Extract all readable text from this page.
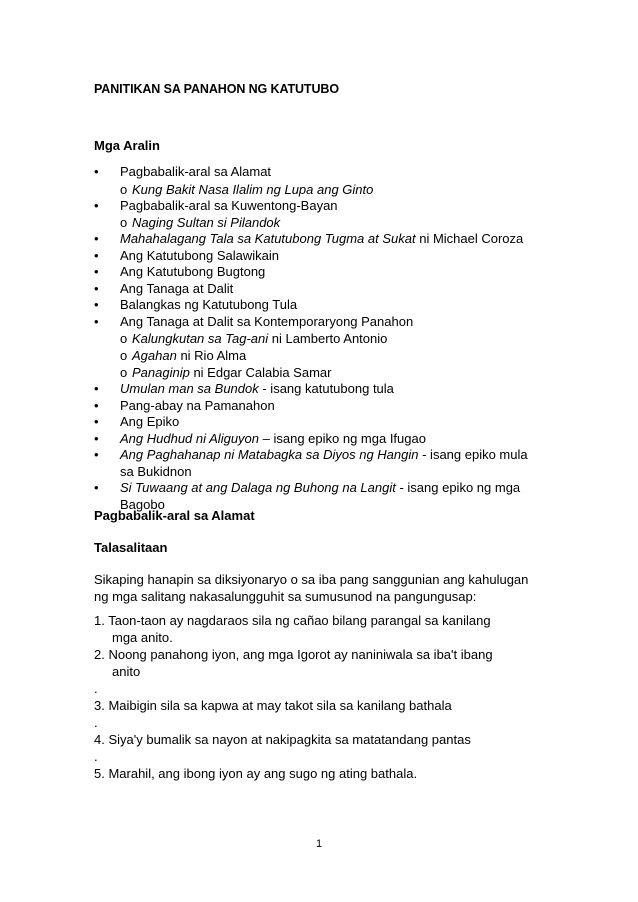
PANITIKAN SA PANAHON NG KATUTUBO
Mga Aralin
• Pagbabalik-aral sa Alamat
o Kung Bakit Nasa Ilalim ng Lupa ang Ginto
• Pagbabalik-aral sa Kuwentong-Bayan
o Naging Sultan si Pilandok
• Mahahalagang Tala sa Katutubong Tugma at Sukat ni Michael Coroza
• Ang Katutubong Salawikain
• Ang Katutubong Bugtong
• Ang Tanaga at Dalit
• Balangkas ng Katutubong Tula
• Ang Tanaga at Dalit sa Kontemporaryong Panahon
o Kalungkutan sa Tag-ani ni Lamberto Antonio
o Agahan ni Rio Alma
o Panaginip ni Edgar Calabia Samar
• Umulan man sa Bundok - isang katutubong tula
• Pang-abay na Pamanahon
• Ang Epiko
• Ang Hudhud ni Aliguyon – isang epiko ng mga Ifugao
• Ang Paghahanap ni Matabagka sa Diyos ng Hangin - isang epiko mula
sa Bukidnon
• Si Tuwaang at ang Dalaga ng Buhong na Langit - isang epiko ng mga
Bagobo
Pagbabalik-aral sa Alamat
Talasalitaan
Sikaping hanapin sa diksiyonaryo o sa iba pang sanggunian ang kahulugan
ng mga salitang nakasalungguhit sa sumusunod na pangungusap:
1. Taon-taon ay nagdaraos sila ng cañao bilang parangal sa kanilang
mga anito.
2. Noong panahong iyon, ang mga Igorot ay naniniwala sa iba't ibang
anito
.
3. Maibigin sila sa kapwa at may takot sila sa kanilang bathala
.
4. Siya'y bumalik sa nayon at nakipagkita sa matatandang pantas
.
5. Marahil, ang ibong iyon ay ang sugo ng ating bathala.
1
